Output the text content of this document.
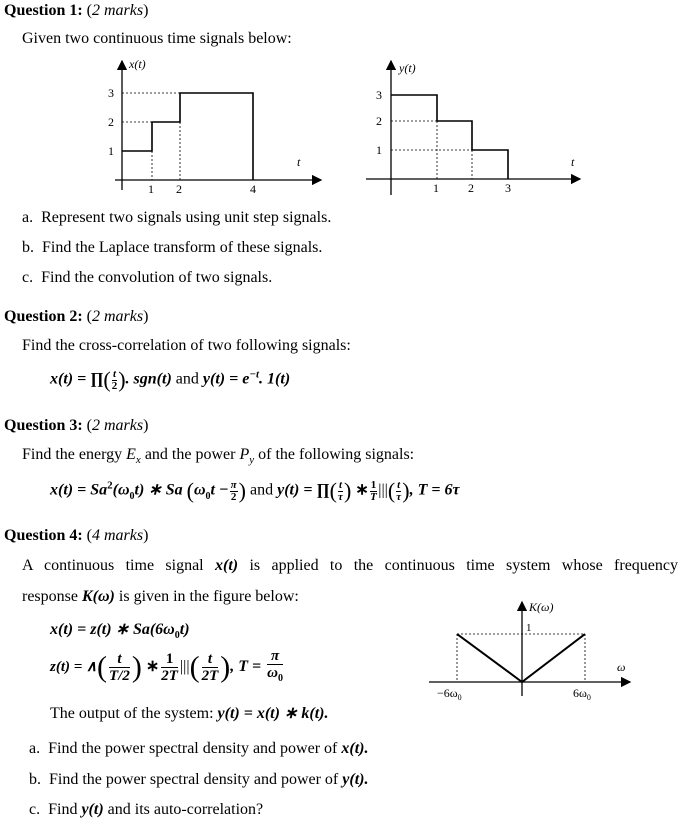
Question 1: (2 marks)
Given two continuous time signals below:
x(t)
t
3
2
1
1 2	4
y(t)
t
3
2
1
1 2	3
a. Represent two signals using unit step signals.
b. Find the Laplace transform of these signals.
c. Find the convolution of two signals.
Question 2: (2 marks)
Find the cross-correlation of two following signals:
x(t) = ∏( $\frac{t}{2}$ ). sgn(t) and $y(t) = e^{-t}$. 1(t)
Question 3: (2 marks)
Find the energy $E_x$ and the power $P_y$ of the following signals:
$x(t) = Sa^2(\omega_0t)$ ∗ Sa ($\omega_0t - \frac{\pi}{2}$ ) and y(t) = ∏( $\frac{t}{\tau}$ ) ∗ $\frac{1}{T}$ |||( $\frac{t}{\tau}$ ), T = 6τ
Question 4: (4 marks)
A continuous time signal x(t) is applied to the continuous time system whose frequency
response K(ω) is given in the figure below:
x(t) = z(t) ∗ $Sa(6\omega_0t)$
z(t) = ∧( $\frac{t}{T/2}$ ) ∗ $\frac{1}{2T}$ |||( $\frac{t}{2T}$ ), $T = \frac{\pi}{\omega_0}$
The output of the system: y(t) = x(t) ∗ k(t).
K(ω)
1
ω
$-6\omega_0$	$6\omega_0$
a. Find the power spectral density and power of x(t).
b. Find the power spectral density and power of y(t).
c. Find y(t) and its auto-correlation?
